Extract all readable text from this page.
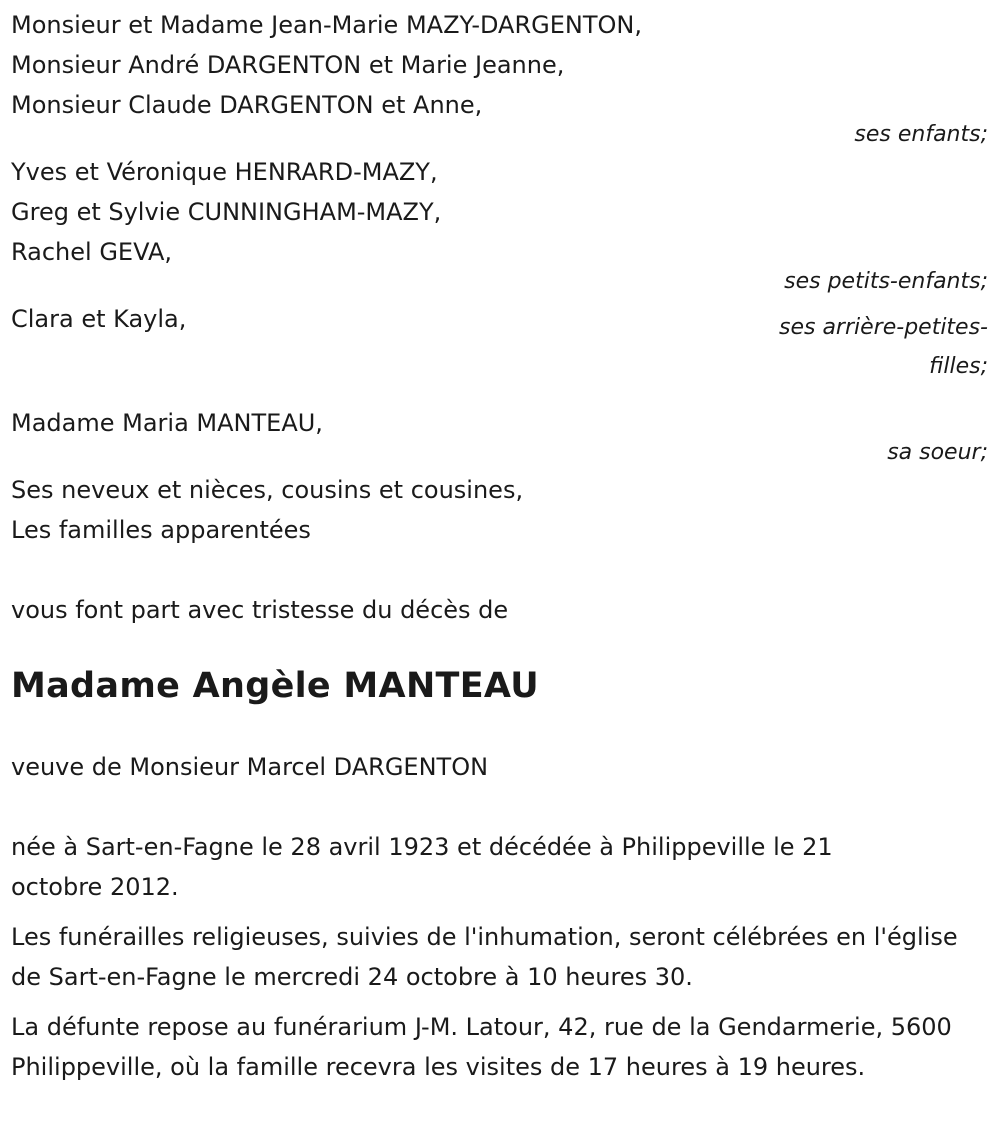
Monsieur et Madame Jean-Marie MAZY-DARGENTON,
Monsieur André DARGENTON et Marie Jeanne,
Monsieur Claude DARGENTON et Anne,
ses enfants;
Yves et Véronique HENRARD-MAZY,
Greg et Sylvie CUNNINGHAM-MAZY,
Rachel GEVA,
ses petits-enfants;
Clara et Kayla,	ses arrière-petites-
filles;
Madame Maria MANTEAU,
sa soeur;
Ses neveux et nièces, cousins et cousines,
Les familles apparentées
vous font part avec tristesse du décès de
Madame Angèle MANTEAU
veuve de Monsieur Marcel DARGENTON
née à Sart-en-Fagne le 28 avril 1923 et décédée à Philippeville le 21 octobre 2012.
Les funérailles religieuses, suivies de l'inhumation, seront célébrées en l'église de Sart-en-Fagne le mercredi 24 octobre à 10 heures 30.
La défunte repose au funérarium J-M. Latour, 42, rue de la Gendarmerie, 5600 Philippeville, où la famille recevra les visites de 17 heures à 19 heures.
